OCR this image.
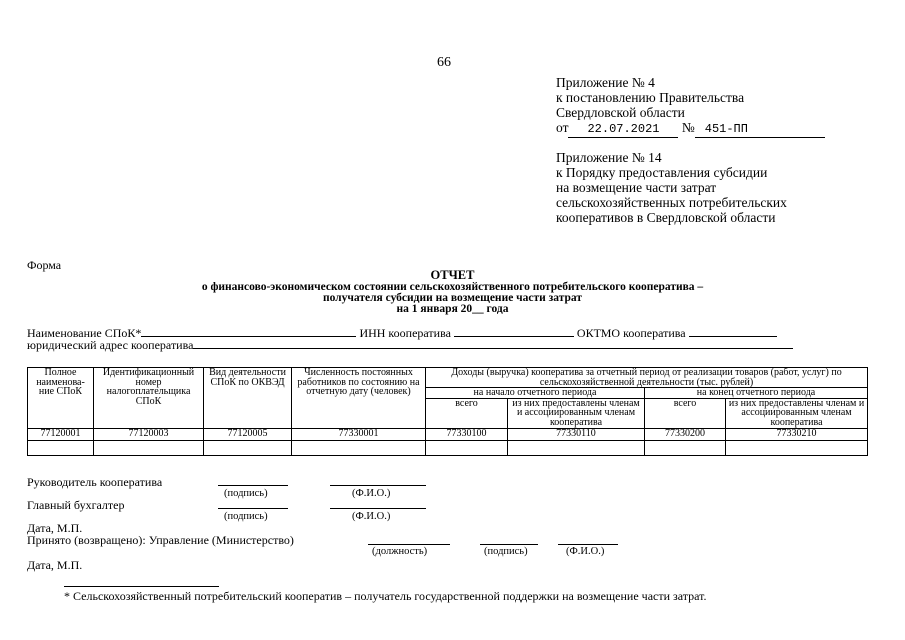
66
Приложение № 4
к постановлению Правительства
Свердловской области
от 22.07.2021 № 451-ПП
Приложение № 14
к Порядку предоставления субсидии
на возмещение части затрат
сельскохозяйственных потребительских
кооперативов в Свердловской области
Форма
ОТЧЕТ
о финансово-экономическом состоянии сельскохозяйственного потребительского кооператива –
получателя субсидии на возмещение части затрат
на 1 января 20__ года
Наименование СПоК*	ИНН кооператива	ОКТМО кооператива
юридический адрес кооператива
Полное наименова-ние СПоК	Идентификационный номер налогоплательщика СПоК	Вид деятельности СПоК по ОКВЭД	Численность постоянных работников по состоянию на отчетную дату (человек)	Доходы (выручка) кооператива за отчетный период от реализации товаров (работ, услуг) по сельскохозяйственной деятельности (тыс. рублей)			
				на начало отчетного периода		на конец отчетного периода	
				всего	из них предоставлены членам и ассоциированным членам кооператива	всего	из них предоставлены членам и ассоциированным членам кооператива
77120001	77120003	77120005	77330001	77330100	77330110	77330200	77330210

Руководитель кооператива
(подпись)	(Ф.И.О.)
Главный бухгалтер
(подпись)	(Ф.И.О.)
Дата, М.П.
Принято (возвращено): Управление (Министерство)
(должность)	(подпись)	(Ф.И.О.)
Дата, М.П.
* Сельскохозяйственный потребительский кооператив – получатель государственной поддержки на возмещение части затрат.
